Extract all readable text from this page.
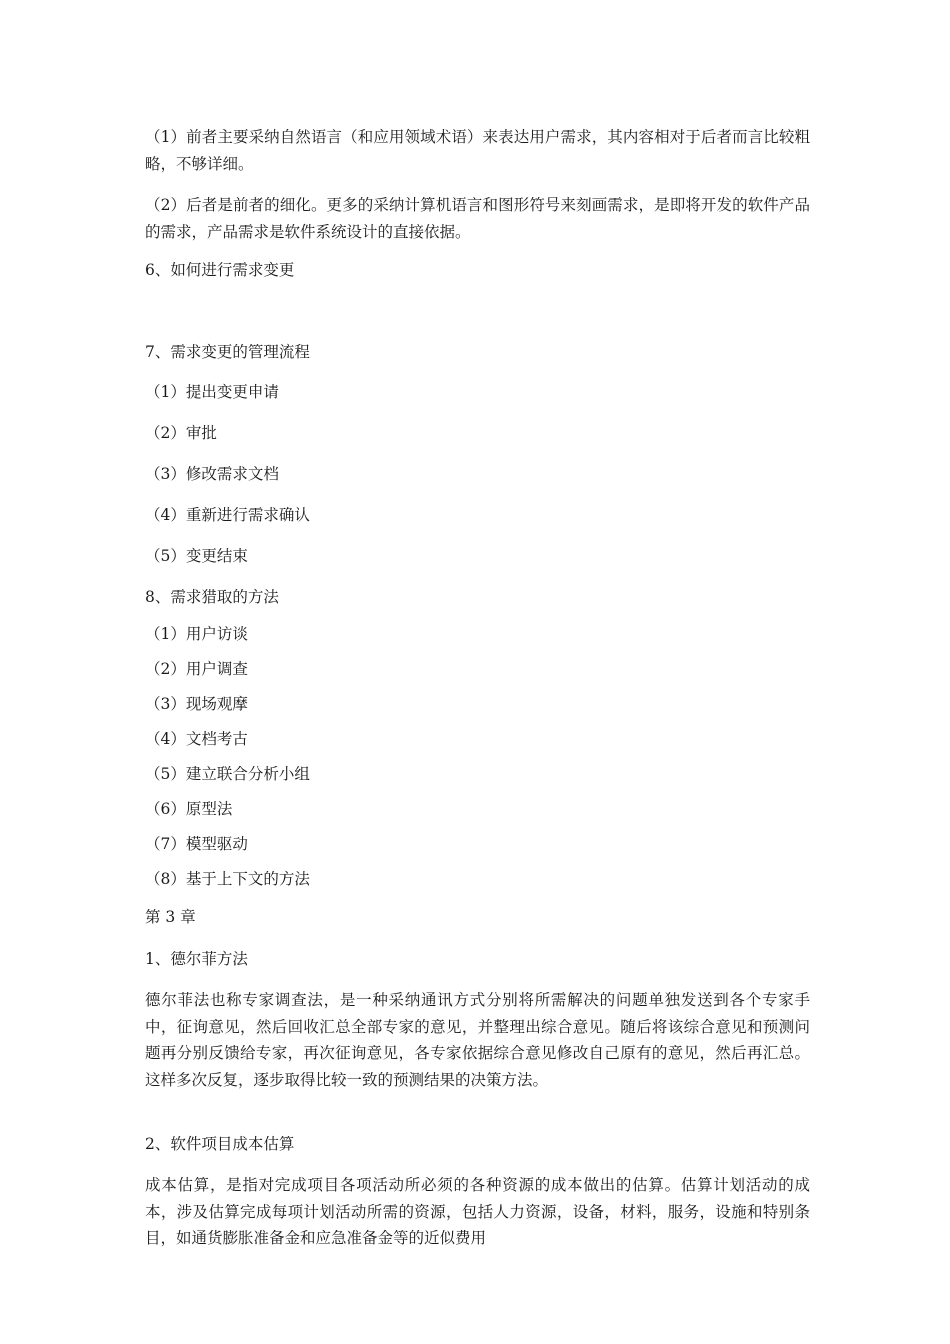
（1）前者主要采纳自然语言（和应用领域术语）来表达用户需求，其内容相对于后者而言比较粗略，不够详细。
（2）后者是前者的细化。更多的采纳计算机语言和图形符号来刻画需求，是即将开发的软件产品的需求，产品需求是软件系统设计的直接依据。
6、如何进行需求变更
7、需求变更的管理流程
（1）提出变更申请
（2）审批
（3）修改需求文档
（4）重新进行需求确认
（5）变更结束
8、需求猎取的方法
（1）用户访谈
（2）用户调查
（3）现场观摩
（4）文档考古
（5）建立联合分析小组
（6）原型法
（7）模型驱动
（8）基于上下文的方法
第 3 章
1、德尔菲方法
德尔菲法也称专家调查法，是一种采纳通讯方式分别将所需解决的问题单独发送到各个专家手中，征询意见，然后回收汇总全部专家的意见，并整理出综合意见。随后将该综合意见和预测问题再分别反馈给专家，再次征询意见，各专家依据综合意见修改自己原有的意见，然后再汇总。这样多次反复，逐步取得比较一致的预测结果的决策方法。
2、软件项目成本估算
成本估算，是指对完成项目各项活动所必须的各种资源的成本做出的估算。估算计划活动的成本，涉及估算完成每项计划活动所需的资源，包括人力资源，设备，材料，服务，设施和特别条目，如通货膨胀准备金和应急准备金等的近似费用
